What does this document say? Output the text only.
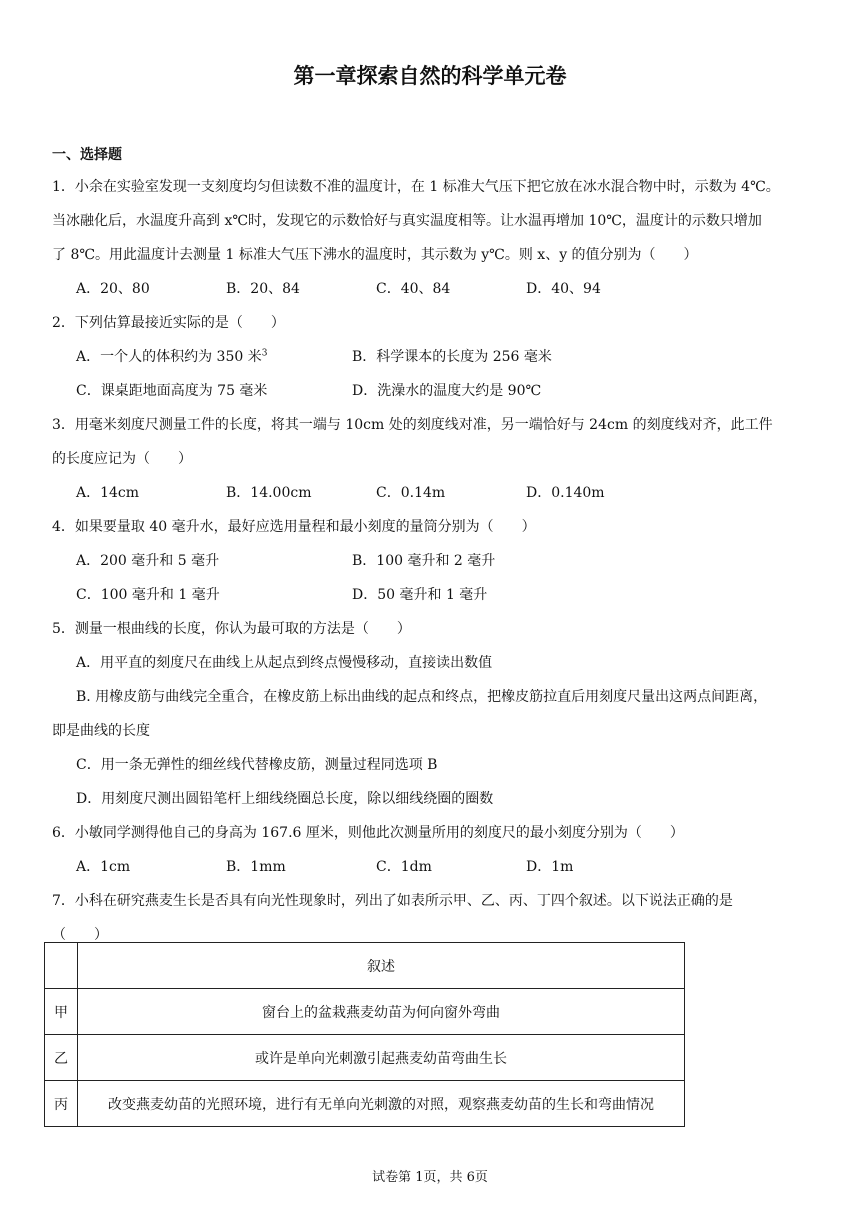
第一章探索自然的科学单元卷
一、选择题

1．小余在实验室发现一支刻度均匀但读数不准的温度计，在 1 标准大气压下把它放在冰水混合物中时，示数为 4℃。

当冰融化后，水温度升高到 x℃时，发现它的示数恰好与真实温度相等。让水温再增加 10℃，温度计的示数只增加

了 8℃。用此温度计去测量 1 标准大气压下沸水的温度时，其示数为 y℃。则 x、y 的值分别为（　　）

A．20、80	B．20、84	C．40、84	D．40、94

2．下列估算最接近实际的是（　　）

A．一个人的体积约为 350 米$^3$	B．科学课本的长度为 256 毫米
C．课桌距地面高度为 75 毫米	D．洗澡水的温度大约是 90℃

3．用毫米刻度尺测量工件的长度，将其一端与 10cm 处的刻度线对准，另一端恰好与 24cm 的刻度线对齐，此工件

的长度应记为（　　）

A．14cm	B．14.00cm	C．0.14m	D．0.140m

4．如果要量取 40 毫升水，最好应选用量程和最小刻度的量筒分别为（　　）

A．200 毫升和 5 毫升	B．100 毫升和 2 毫升
C．100 毫升和 1 毫升	D．50 毫升和 1 毫升

5．测量一根曲线的长度，你认为最可取的方法是（　　）

A．用平直的刻度尺在曲线上从起点到终点慢慢移动，直接读出数值

B. 用橡皮筋与曲线完全重合，在橡皮筋上标出曲线的起点和终点，把橡皮筋拉直后用刻度尺量出这两点间距离，

即是曲线的长度

C．用一条无弹性的细丝线代替橡皮筋，测量过程同选项 B

D．用刻度尺测出圆铅笔杆上细线绕圈总长度，除以细线绕圈的圈数

6．小敏同学测得他自己的身高为 167.6 厘米，则他此次测量所用的刻度尺的最小刻度分别为（　　）

A．1cm	B．1mm	C．1dm	D．1m

7．小科在研究燕麦生长是否具有向光性现象时，列出了如表所示甲、乙、丙、丁四个叙述。以下说法正确的是

（　　）

	叙述
甲	窗台上的盆栽燕麦幼苗为何向窗外弯曲
乙	或许是单向光刺激引起燕麦幼苗弯曲生长
丙	改变燕麦幼苗的光照环境，进行有无单向光刺激的对照，观察燕麦幼苗的生长和弯曲情况
试卷第 1页，共 6页
